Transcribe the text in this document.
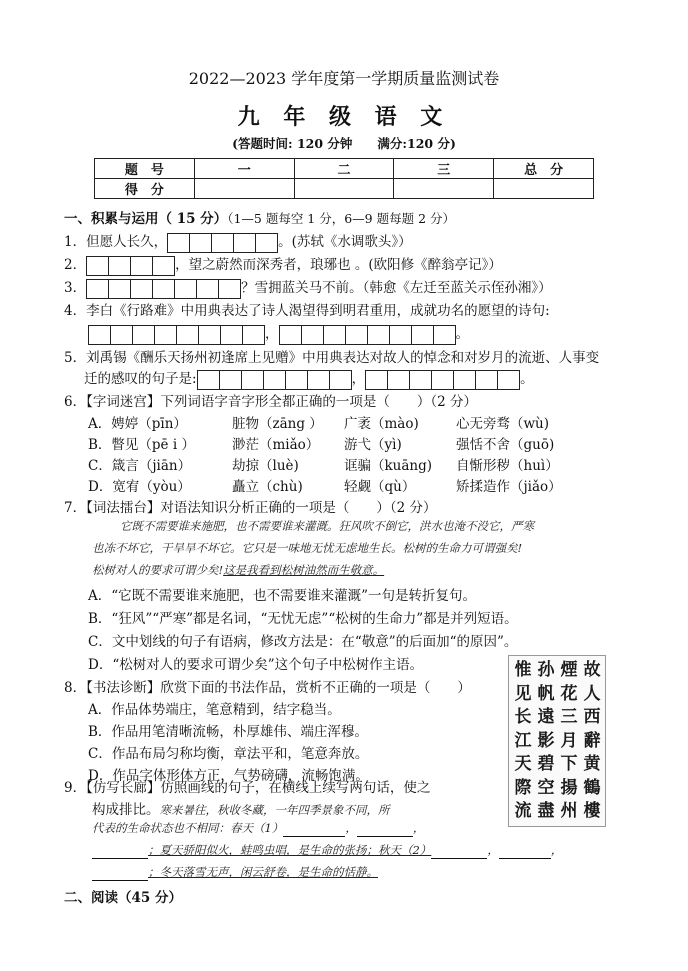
2022—2023 学年度第一学期质量监测试卷
九 年 级 语 文
(答题时间: 120 分钟　　满分:120 分)
题　号	一	二	三	总　分
得　分				
一、积累与运用（ 15 分）（1—5 题每空 1 分，6—9 题每题 2 分）
1．但愿人长久，	。(苏轼《水调歌头》）
2．	，望之蔚然而深秀者，琅琊也 。(欧阳修《醉翁亭记》）
3．	？雪拥蓝关马不前。（韩愈《左迁至蓝关示侄孙湘》）
4．李白《行路难》中用典表达了诗人渴望得到明君重用，成就功名的愿望的诗句:
，	。
5．刘禹锡《酬乐天扬州初逢席上见赠》中用典表达对故人的悼念和对岁月的流逝、人事变
迁的感叹的句子是:	，	。
6．【字词迷宫】下列词语字音字形全都正确的一项是（　　）（2 分）
A．娉婷（pīn）	脏物（zāng ） 广袤（mào)	心无旁骛（wù)
B．瞥见（pē i ）	渺茫（miǎo） 游弋（yì)	强恬不舍（guō)
C．箴言（jiān）	劫掠（luè)	诓骗（kuāng) 自惭形秽（huì）
D．宽宥（yòu）	矗立（chù)	轻觑（qù）	矫揉造作（jiǎo）
7．【词法擂台】对语法知识分析正确的一项是（　　）（2 分）
它既不需要谁来施肥，也不需要谁来灌溉。狂风吹不倒它，洪水也淹不没它，严寒
也冻不坏它，干旱旱不坏它。它只是一味地无忧无虑地生长。松树的生命力可谓强矣!
松树对人的要求可谓少矣!这是我看到松树油然而生敬意。
A．“它既不需要谁来施肥，也不需要谁来灌溉”一句是转折复句。
B．“狂风”“严寒”都是名词，“无忧无虑”“松树的生命力”都是并列短语。
C．文中划线的句子有语病，修改方法是：在“敬意”的后面加“的原因”。
D．“松树对人的要求可谓少矣”这个句子中松树作主语。
8．【书法诊断】欣赏下面的书法作品，赏析不正确的一项是（　　）
A．作品体势端庄，笔意精到，结字稳当。
B．作品用笔清晰流畅，朴厚雄伟、端庄浑穆。
C．作品布局匀称均衡，章法平和，笔意奔放。
D．作品字体形体方正，气势磅礴，流畅饱满。
惟
见
长
江
天
際
流
孙
帆
遠
影
碧
空
盡
煙
花
三
月
下
揚
州
故
人
西
辭
黄
鶴
樓
9．【仿写长廊】仿照画线的句子，在横线上续写两句话，使之
构成排比。寒来暑往，秋收冬藏，一年四季景象不同，所
代表的生命状态也不相同：春天（1）	，	，
；夏天骄阳似火，蛙鸣虫唱，是生命的张扬；秋天（2）	，	，
；冬天落雪无声，闲云舒卷，是生命的恬静。
二、阅读（45 分）
